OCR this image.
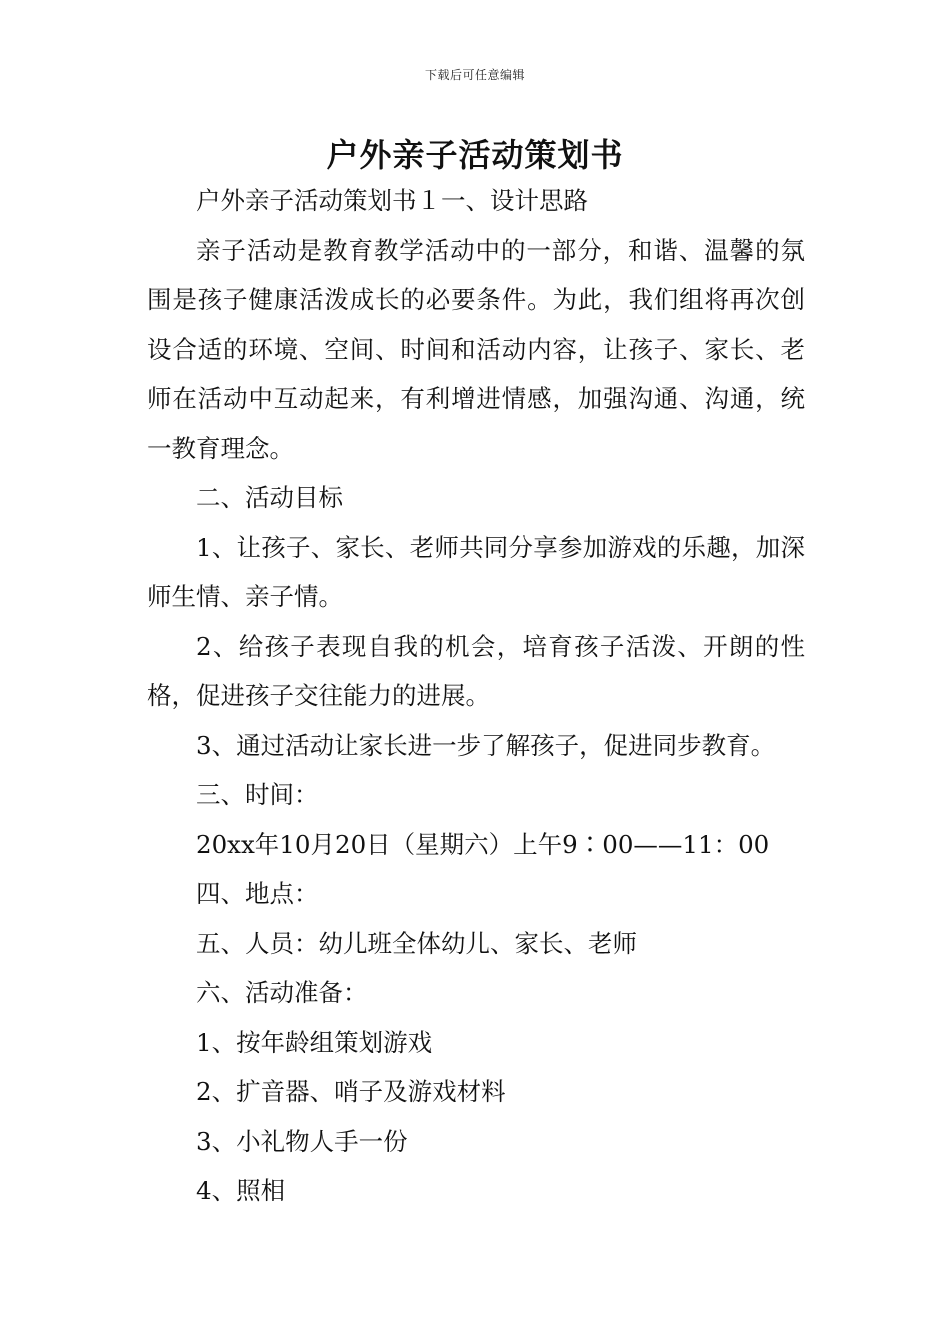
下载后可任意编辑
户外亲子活动策划书

户外亲子活动策划书１一、设计思路

亲子活动是教育教学活动中的一部分，和谐、温馨的氛围是孩子健康活泼成长的必要条件。为此，我们组将再次创设合适的环境、空间、时间和活动内容，让孩子、家长、老师在活动中互动起来，有利增进情感，加强沟通、沟通，统一教育理念。

二、活动目标

1、让孩子、家长、老师共同分享参加游戏的乐趣，加深师生情、亲子情。

2、给孩子表现自我的机会，培育孩子活泼、开朗的性格，促进孩子交往能力的进展。

3、通过活动让家长进一步了解孩子，促进同步教育。

三、时间：

20xx年10月20日（星期六）上午9∶00——11：00

四、地点：

五、人员：幼儿班全体幼儿、家长、老师

六、活动准备：

1、按年龄组策划游戏

2、扩音器、哨子及游戏材料

3、小礼物人手一份

4、照相
